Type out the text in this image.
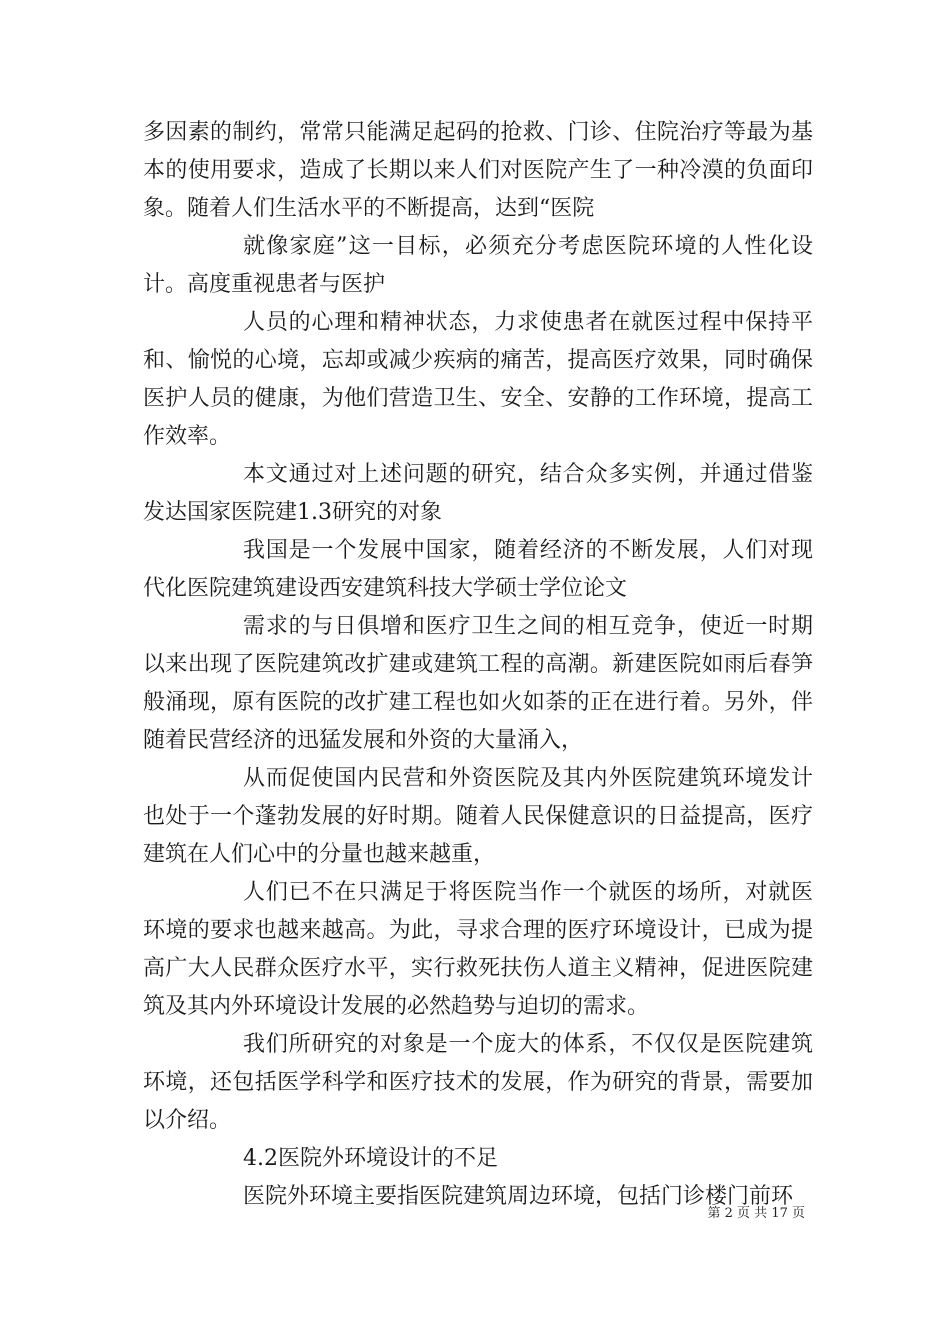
多因素的制约，常常只能满足起码的抢救、门诊、住院治疗等最为基本的使用要求，造成了长期以来人们对医院产生了一种冷漠的负面印象。随着人们生活水平的不断提高，达到“医院

就像家庭”这一目标，必须充分考虑医院环境的人性化设计。高度重视患者与医护

人员的心理和精神状态，力求使患者在就医过程中保持平和、愉悦的心境，忘却或减少疾病的痛苦，提高医疗效果，同时确保医护人员的健康，为他们营造卫生、安全、安静的工作环境，提高工作效率。

本文通过对上述问题的研究，结合众多实例，并通过借鉴发达国家医院建1.3研究的对象

我国是一个发展中国家，随着经济的不断发展，人们对现代化医院建筑建设西安建筑科技大学硕士学位论文

需求的与日俱增和医疗卫生之间的相互竞争，使近一时期以来出现了医院建筑改扩建或建筑工程的高潮。新建医院如雨后春笋般涌现，原有医院的改扩建工程也如火如荼的正在进行着。另外，伴随着民营经济的迅猛发展和外资的大量涌入，

从而促使国内民营和外资医院及其内外医院建筑环境发计也处于一个蓬勃发展的好时期。随着人民保健意识的日益提高，医疗建筑在人们心中的分量也越来越重，

人们已不在只满足于将医院当作一个就医的场所，对就医环境的要求也越来越高。为此，寻求合理的医疗环境设计，已成为提高广大人民群众医疗水平，实行救死扶伤人道主义精神，促进医院建筑及其内外环境设计发展的必然趋势与迫切的需求。

我们所研究的对象是一个庞大的体系，不仅仅是医院建筑环境，还包括医学科学和医疗技术的发展，作为研究的背景，需要加以介绍。

4.2医院外环境设计的不足

医院外环境主要指医院建筑周边环境，包括门诊楼门前环

第 2 页 共 17 页
